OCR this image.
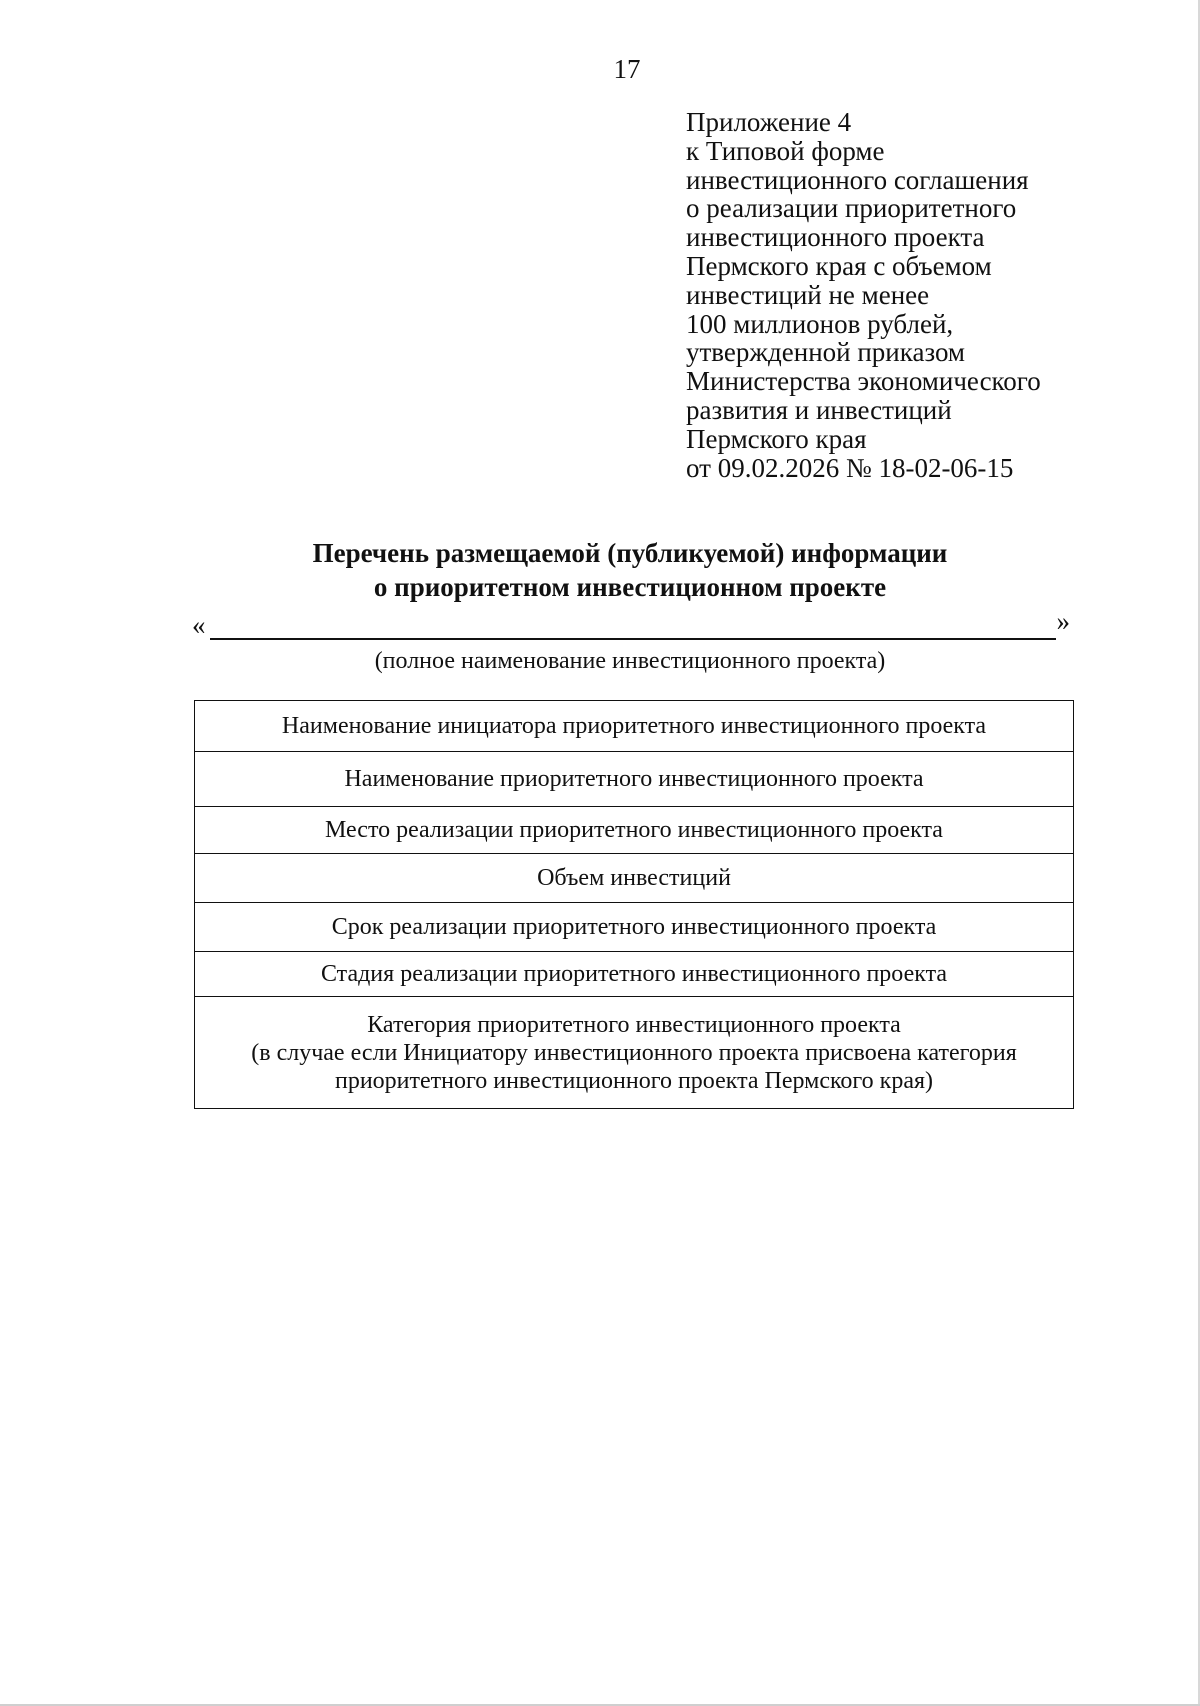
17
Приложение 4
к Типовой форме
инвестиционного соглашения
о реализации приоритетного
инвестиционного проекта
Пермского края с объемом
инвестиций не менее
100 миллионов рублей,
утвержденной приказом
Министерства экономического
развития и инвестиций
Пермского края
от 09.02.2026 № 18-02-06-15
Перечень размещаемой (публикуемой) информации
о приоритетном инвестиционном проекте
«	»
(полное наименование инвестиционного проекта)
Наименование инициатора приоритетного инвестиционного проекта
Наименование приоритетного инвестиционного проекта
Место реализации приоритетного инвестиционного проекта
Объем инвестиций
Срок реализации приоритетного инвестиционного проекта
Стадия реализации приоритетного инвестиционного проекта
Категория приоритетного инвестиционного проекта
(в случае если Инициатору инвестиционного проекта присвоена категория
приоритетного инвестиционного проекта Пермского края)
